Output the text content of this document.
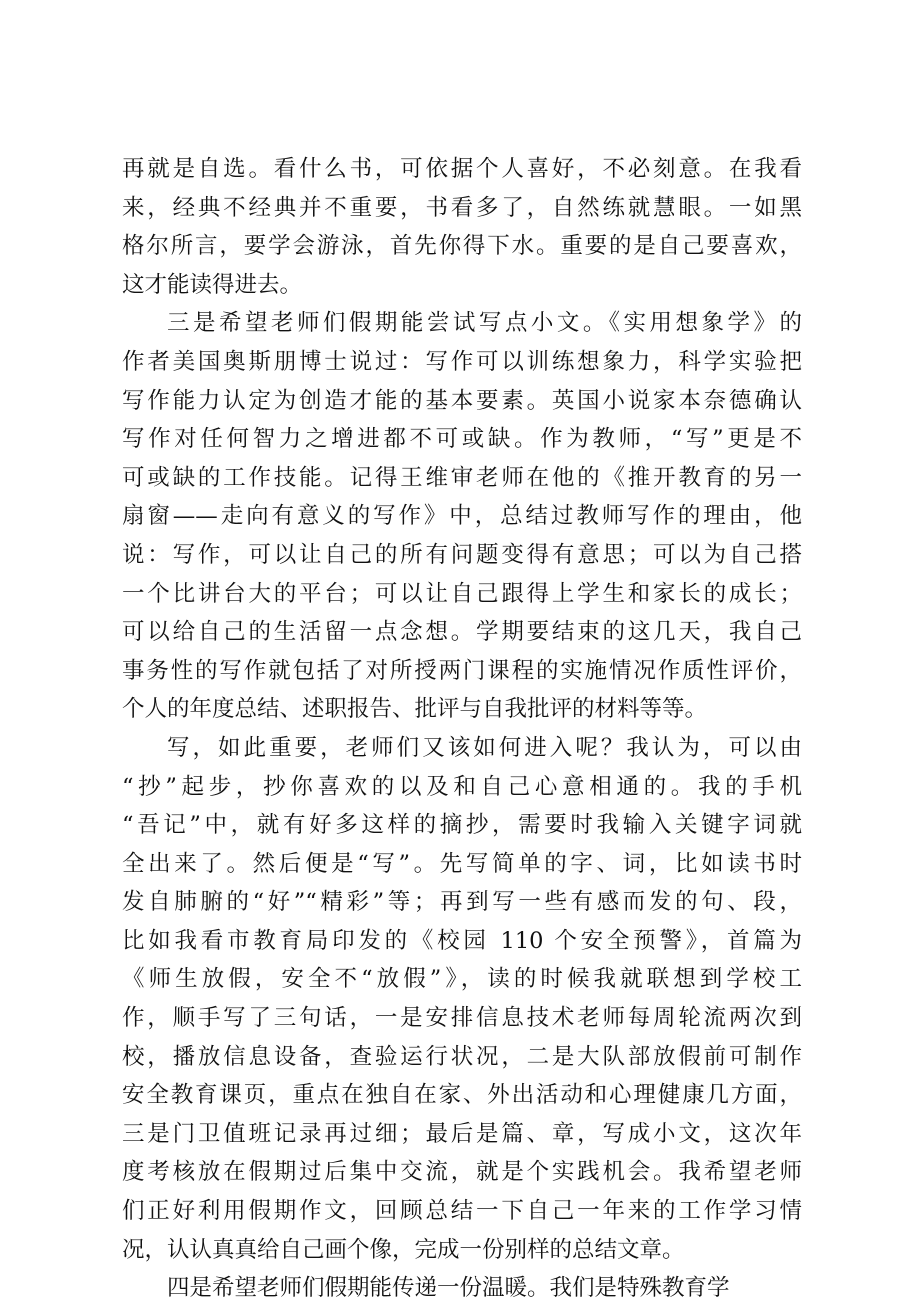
再就是自选。看什么书，可依据个人喜好，不必刻意。在我看
来，经典不经典并不重要，书看多了，自然练就慧眼。一如黑
格尔所言，要学会游泳，首先你得下水。重要的是自己要喜欢，
这才能读得进去。
三是希望老师们假期能尝试写点小文。《实用想象学》的
作者美国奥斯朋博士说过：写作可以训练想象力，科学实验把
写作能力认定为创造才能的基本要素。英国小说家本奈德确认
写作对任何智力之增进都不可或缺。作为教师，“写”更是不
可或缺的工作技能。记得王维审老师在他的《推开教育的另一
扇窗——走向有意义的写作》中，总结过教师写作的理由，他
说：写作，可以让自己的所有问题变得有意思；可以为自己搭
一个比讲台大的平台；可以让自己跟得上学生和家长的成长；
可以给自己的生活留一点念想。学期要结束的这几天，我自己
事务性的写作就包括了对所授两门课程的实施情况作质性评价，
个人的年度总结、述职报告、批评与自我批评的材料等等。
写，如此重要，老师们又该如何进入呢？我认为，可以由
“抄”起步，抄你喜欢的以及和自己心意相通的。我的手机
“吾记”中，就有好多这样的摘抄，需要时我输入关键字词就
全出来了。然后便是“写”。先写简单的字、词，比如读书时
发自肺腑的“好”“精彩”等；再到写一些有感而发的句、段，
比如我看市教育局印发的《校园 110 个安全预警》，首篇为
《师生放假，安全不“放假”》，读的时候我就联想到学校工
作，顺手写了三句话，一是安排信息技术老师每周轮流两次到
校，播放信息设备，查验运行状况，二是大队部放假前可制作
安全教育课页，重点在独自在家、外出活动和心理健康几方面，
三是门卫值班记录再过细；最后是篇、章，写成小文，这次年
度考核放在假期过后集中交流，就是个实践机会。我希望老师
们正好利用假期作文，回顾总结一下自己一年来的工作学习情
况，认认真真给自己画个像，完成一份别样的总结文章。
四是希望老师们假期能传递一份温暖。我们是特殊教育学
